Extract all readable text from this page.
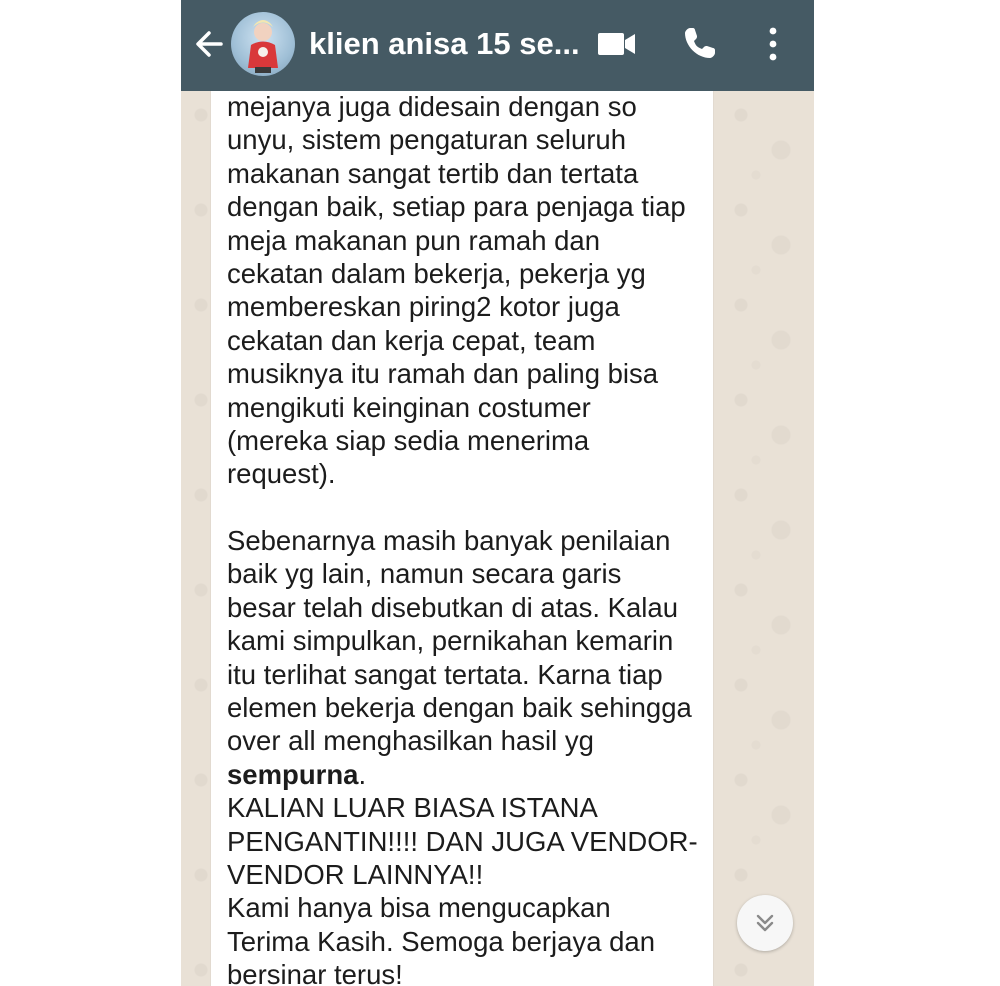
klien anisa 15 se...
mejanya juga didesain dengan so
unyu, sistem pengaturan seluruh
makanan sangat tertib dan tertata
dengan baik, setiap para penjaga tiap
meja makanan pun ramah dan
cekatan dalam bekerja, pekerja yg
membereskan piring2 kotor juga
cekatan dan kerja cepat, team
musiknya itu ramah dan paling bisa
mengikuti keinginan costumer
(mereka siap sedia menerima
request).
Sebenarnya masih banyak penilaian
baik yg lain, namun secara garis
besar telah disebutkan di atas. Kalau
kami simpulkan, pernikahan kemarin
itu terlihat sangat tertata. Karna tiap
elemen bekerja dengan baik sehingga
over all menghasilkan hasil yg
sempurna.
KALIAN LUAR BIASA ISTANA
PENGANTIN!!!! DAN JUGA VENDOR-
VENDOR LAINNYA!!
Kami hanya bisa mengucapkan
Terima Kasih. Semoga berjaya dan
bersinar terus!
